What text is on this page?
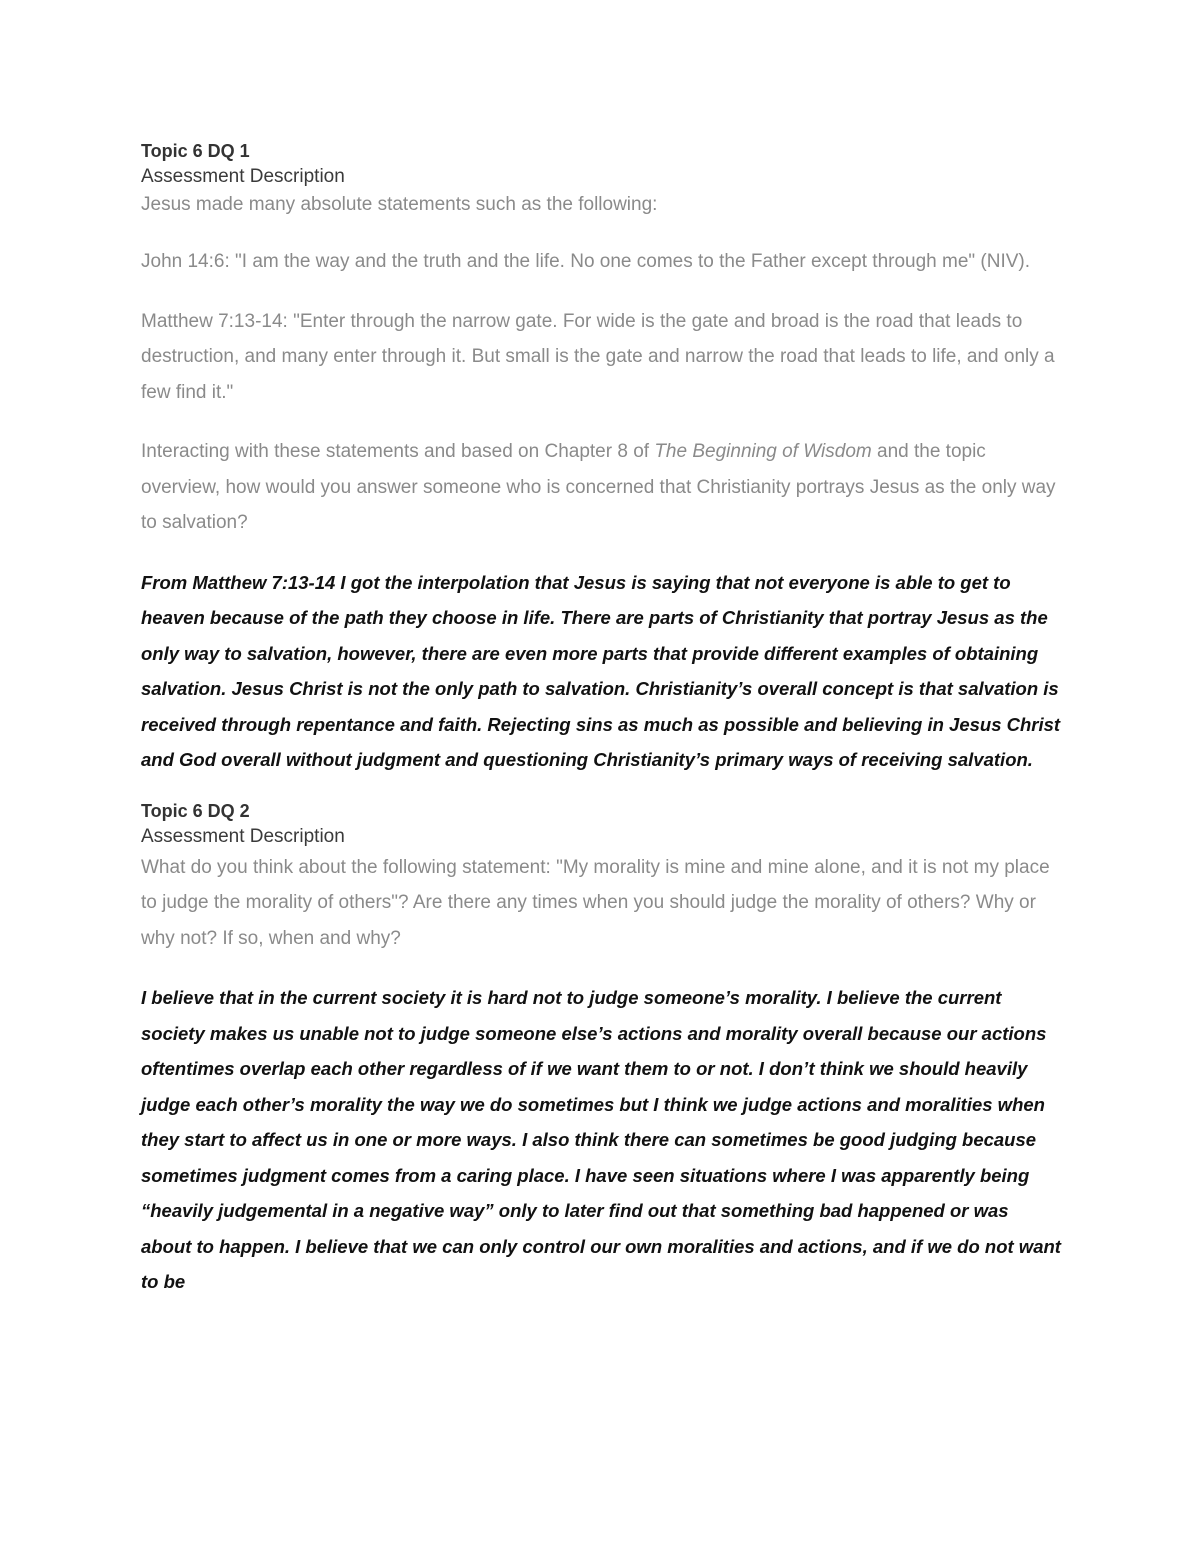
Topic 6 DQ 1

Assessment Description

Jesus made many absolute statements such as the following:

John 14:6: "I am the way and the truth and the life. No one comes to the Father except through me" (NIV).

Matthew 7:13-14: "Enter through the narrow gate. For wide is the gate and broad is the road that leads to destruction, and many enter through it. But small is the gate and narrow the road that leads to life, and only a few find it."

Interacting with these statements and based on Chapter 8 of The Beginning of Wisdom and the topic overview, how would you answer someone who is concerned that Christianity portrays Jesus as the only way to salvation?

From Matthew 7:13-14 I got the interpolation that Jesus is saying that not everyone is able to get to heaven because of the path they choose in life. There are parts of Christianity that portray Jesus as the only way to salvation, however, there are even more parts that provide different examples of obtaining salvation. Jesus Christ is not the only path to salvation. Christianity’s overall concept is that salvation is received through repentance and faith. Rejecting sins as much as possible and believing in Jesus Christ and God overall without judgment and questioning Christianity’s primary ways of receiving salvation.

Topic 6 DQ 2

Assessment Description

What do you think about the following statement: "My morality is mine and mine alone, and it is not my place to judge the morality of others"? Are there any times when you should judge the morality of others? Why or why not? If so, when and why?

I believe that in the current society it is hard not to judge someone’s morality. I believe the current society makes us unable not to judge someone else’s actions and morality overall because our actions oftentimes overlap each other regardless of if we want them to or not. I don’t think we should heavily judge each other’s morality the way we do sometimes but I think we judge actions and moralities when they start to affect us in one or more ways. I also think there can sometimes be good judging because sometimes judgment comes from a caring place. I have seen situations where I was apparently being “heavily judgemental in a negative way” only to later find out that something bad happened or was about to happen. I believe that we can only control our own moralities and actions, and if we do not want to be
